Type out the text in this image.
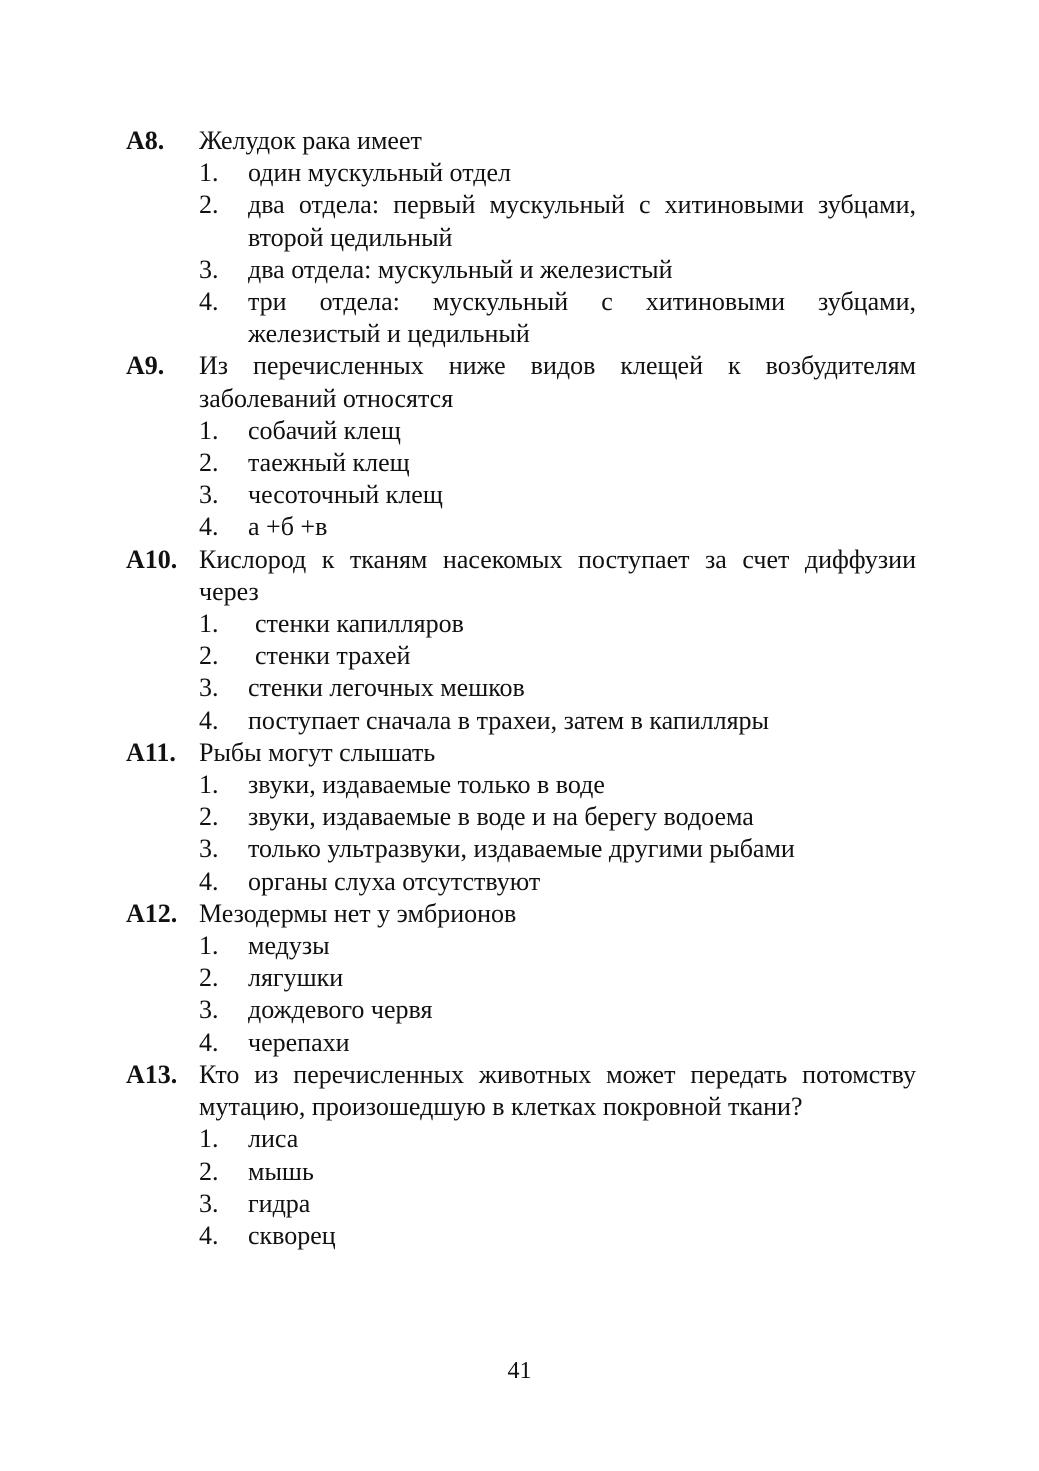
А8.	Желудок рака имеет
1.	один мускульный отдел
2.	два отдела: первый мускульный с хитиновыми зубцами, второй цедильный
3.	два отдела: мускульный и железистый
4.	три отдела: мускульный с хитиновыми зубцами, железистый и цедильный
А9.	Из перечисленных ниже видов клещей к возбудителям заболеваний относятся
1.	собачий клещ
2.	таежный клещ
3.	чесоточный клещ
4.	а +б +в
А10. Кислород к тканям насекомых поступает за счет диффузии через
1.	стенки капилляров
2.	стенки трахей
3.	стенки легочных мешков
4.	поступает сначала в трахеи, затем в капилляры
А11. Рыбы могут слышать
1.	звуки, издаваемые только в воде
2.	звуки, издаваемые в воде и на берегу водоема
3.	только ультразвуки, издаваемые другими рыбами
4.	органы слуха отсутствуют
А12. Мезодермы нет у эмбрионов
1.	медузы
2.	лягушки
3.	дождевого червя
4.	черепахи
А13. Кто из перечисленных животных может передать потомству мутацию, произошедшую в клетках покровной ткани?
1.	лиса
2.	мышь
3.	гидра
4.	скворец
41
